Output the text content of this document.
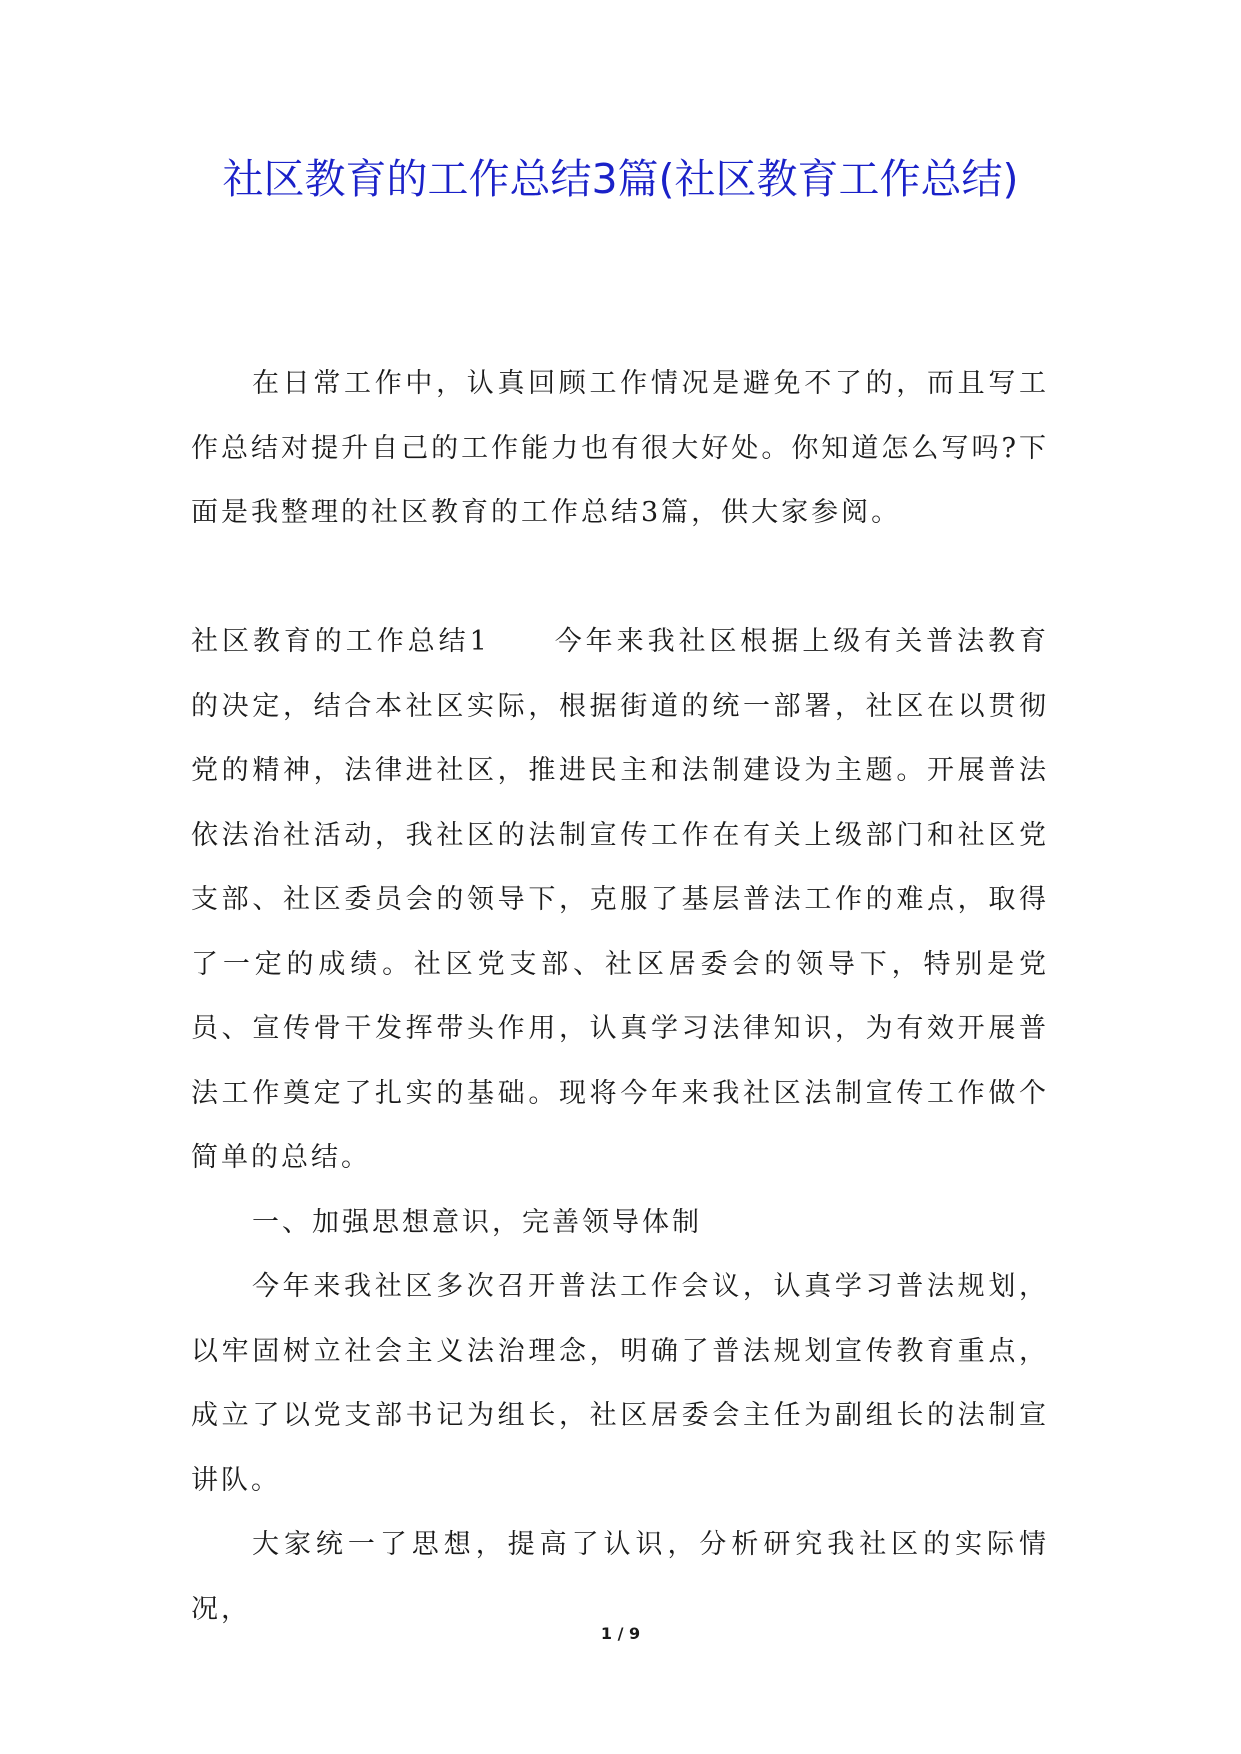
社区教育的工作总结3篇(社区教育工作总结)

在日常工作中，认真回顾工作情况是避免不了的，而且写工作总结对提升自己的工作能力也有很大好处。你知道怎么写吗?下面是我整理的社区教育的工作总结3篇，供大家参阅。

社区教育的工作总结1 今年来我社区根据上级有关普法教育的决定，结合本社区实际，根据街道的统一部署，社区在以贯彻党的精神，法律进社区，推进民主和法制建设为主题。开展普法依法治社活动，我社区的法制宣传工作在有关上级部门和社区党支部、社区委员会的领导下，克服了基层普法工作的难点，取得了一定的成绩。社区党支部、社区居委会的领导下，特别是党员、宣传骨干发挥带头作用，认真学习法律知识，为有效开展普法工作奠定了扎实的基础。现将今年来我社区法制宣传工作做个简单的总结。

一、加强思想意识，完善领导体制

今年来我社区多次召开普法工作会议，认真学习普法规划，以牢固树立社会主义法治理念，明确了普法规划宣传教育重点，成立了以党支部书记为组长，社区居委会主任为副组长的法制宣讲队。

大家统一了思想，提高了认识，分析研究我社区的实际情况，

1 / 9
